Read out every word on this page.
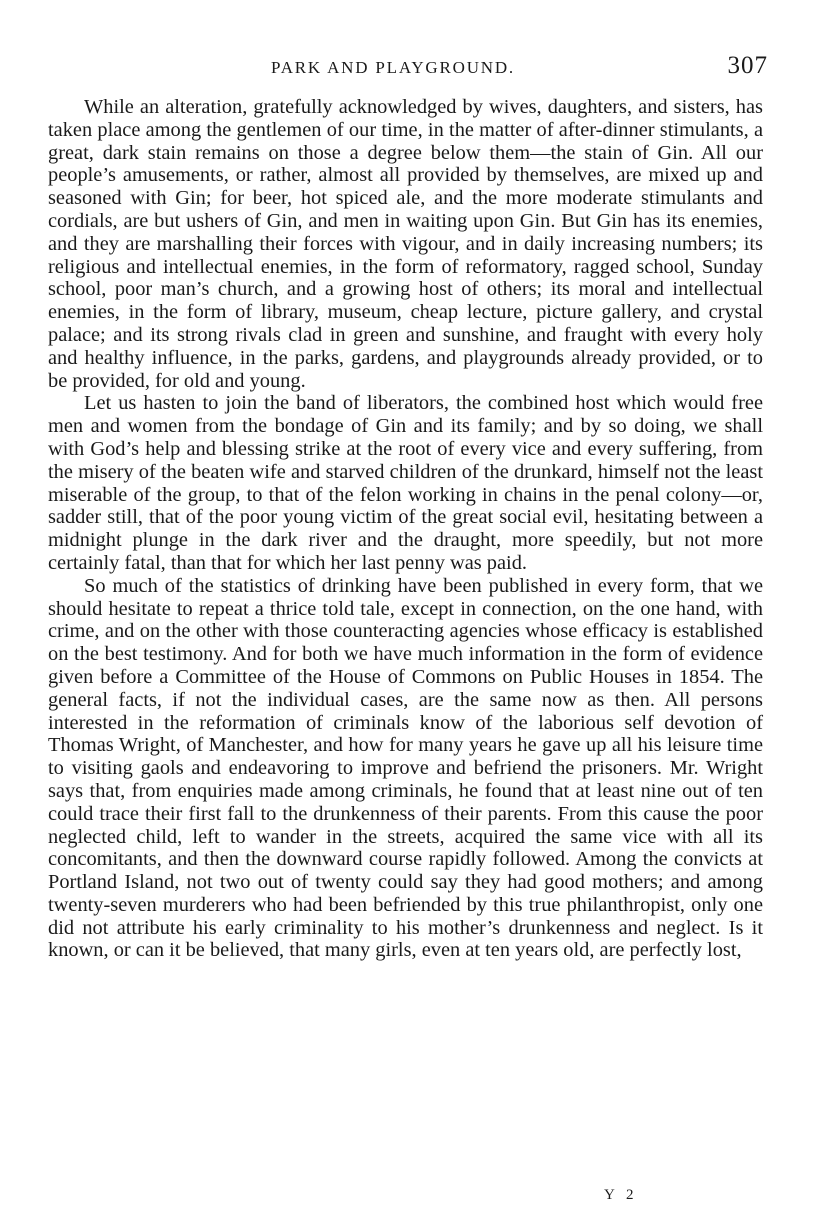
PARK AND PLAYGROUND.	307

While an alteration, gratefully acknowledged by wives, daughters, and sisters, has taken place among the gentlemen of our time, in the matter of after-dinner stimulants, a great, dark stain remains on those a degree below them—the stain of Gin. All our people’s amusements, or rather, almost all provided by themselves, are mixed up and seasoned with Gin; for beer, hot spiced ale, and the more moderate stimulants and cordials, are but ushers of Gin, and men in waiting upon Gin. But Gin has its enemies, and they are marshalling their forces with vigour, and in daily increasing numbers; its religious and intellectual enemies, in the form of reformatory, ragged school, Sunday school, poor man’s church, and a growing host of others; its moral and intellectual enemies, in the form of library, museum, cheap lecture, picture gallery, and crystal palace; and its strong rivals clad in green and sunshine, and fraught with every holy and healthy influence, in the parks, gardens, and playgrounds already provided, or to be provided, for old and young.

Let us hasten to join the band of liberators, the combined host which would free men and women from the bondage of Gin and its family; and by so doing, we shall with God’s help and blessing strike at the root of every vice and every suffering, from the misery of the beaten wife and starved children of the drunkard, himself not the least miserable of the group, to that of the felon working in chains in the penal colony—or, sadder still, that of the poor young victim of the great social evil, hesitating between a midnight plunge in the dark river and the draught, more speedily, but not more certainly fatal, than that for which her last penny was paid.

So much of the statistics of drinking have been published in every form, that we should hesitate to repeat a thrice told tale, except in connection, on the one hand, with crime, and on the other with those counteracting agencies whose efficacy is established on the best testimony. And for both we have much information in the form of evidence given before a Committee of the House of Commons on Public Houses in 1854. The general facts, if not the individual cases, are the same now as then. All persons interested in the reformation of criminals know of the laborious self devotion of Thomas Wright, of Manchester, and how for many years he gave up all his leisure time to visiting gaols and endeavoring to improve and befriend the prisoners. Mr. Wright says that, from enquiries made among criminals, he found that at least nine out of ten could trace their first fall to the drunkenness of their parents. From this cause the poor neglected child, left to wander in the streets, acquired the same vice with all its concomitants, and then the downward course rapidly followed. Among the convicts at Portland Island, not two out of twenty could say they had good mothers; and among twenty-seven murderers who had been befriended by this true philanthropist, only one did not attribute his early criminality to his mother’s drunkenness and neglect. Is it known, or can it be believed, that many girls, even at ten years old, are perfectly lost,

Y 2
